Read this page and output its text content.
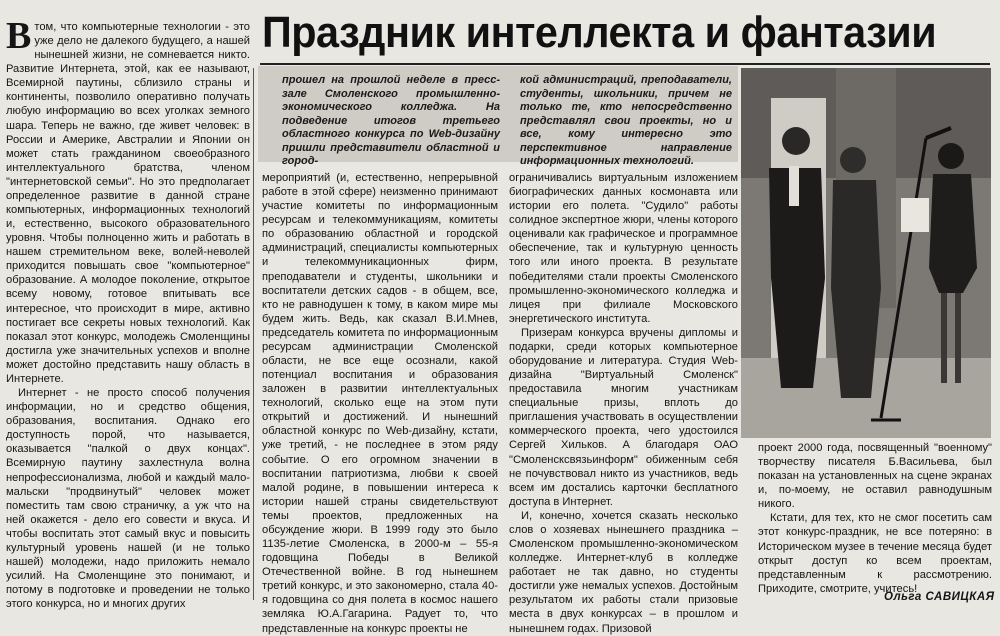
Праздник интеллекта и фантазии
прошел на прошлой неделе в пресс-зале Смоленского промышленно-экономического колледжа. На подведение итогов третьего областного конкурса по Web-дизайну пришли представители областной и город-
кой администраций, преподаватели, студенты, школьники, причем не только те, кто непосредственно представлял свои проекты, но и все, кому интересно это перспективное направление информационных технологий.
В том, что компьютерные технологии - это уже дело не далекого будущего, а нашей нынешней жизни, не сомневается никто. Развитие Интернета, этой, как ее называют, Всемирной паутины, сблизило страны и континенты, позволило оперативно получать любую информацию во всех уголках земного шара. Теперь не важно, где живет человек: в России и Америке, Австралии и Японии он может стать гражданином своеобразного интеллектуального братства, членом "интернетовской семьи". Но это предполагает определенное развитие в данной стране компьютерных, информационных технологий и, естественно, высокого образовательного уровня. Чтобы полноценно жить и работать в нашем стремительном веке, волей-неволей приходится повышать свое "компьютерное" образование. А молодое поколение, открытое всему новому, готовое впитывать все интересное, что происходит в мире, активно постигает все секреты новых технологий. Как показал этот конкурс, молодежь Смоленщины достигла уже значительных успехов и вполне может достойно представить нашу область в Интернете.

Интернет - не просто способ получения информации, но и средство общения, образования, воспитания. Однако его доступность порой, что называется, оказывается "палкой о двух концах". Всемирную паутину захлестнула волна непрофессионализма, любой и каждый мало-мальски "продвинутый" человек может поместить там свою страничку, а уж что на ней окажется - дело его совести и вкуса. И чтобы воспитать этот самый вкус и повысить культурный уровень нашей (и не только нашей) молодежи, надо приложить немало усилий. На Смоленщине это понимают, и потому в подготовке и проведении не только этого конкурса, но и многих других

мероприятий (и, естественно, непрерывной работе в этой сфере) неизменно принимают участие комитеты по информационным ресурсам и телекоммуникациям, комитеты по образованию областной и городской администраций, специалисты компьютерных и телекоммуникационных фирм, преподаватели и студенты, школьники и воспитатели детских садов - в общем, все, кто не равнодушен к тому, в каком мире мы будем жить. Ведь, как сказал В.И.Мнев, председатель комитета по информационным ресурсам администрации Смоленской области, не все еще осознали, какой потенциал воспитания и образования заложен в развитии интеллектуальных технологий, сколько еще на этом пути открытий и достижений. И нынешний областной конкурс по Web-дизайну, кстати, уже третий, - не последнее в этом ряду событие. О его огромном значении в воспитании патриотизма, любви к своей малой родине, в повышении интереса к истории нашей страны свидетельствуют темы проектов, предложенных на обсуждение жюри. В 1999 году это было 1135-летие Смоленска, в 2000-м – 55-я годовщина Победы в Великой Отечественной войне. В год нынешнем третий конкурс, и это закономерно, стала 40-я годовщина со дня полета в космос нашего земляка Ю.А.Гагарина. Радует то, что представленные на конкурс проекты не

ограничивались виртуальным изложением биографических данных космонавта или истории его полета. "Судило" работы солидное экспертное жюри, члены которого оценивали как графическое и программное обеспечение, так и культурную ценность того или иного проекта. В результате победителями стали проекты Смоленского промышленно-экономического колледжа и лицея при филиале Московского энергетического института.

Призерам конкурса вручены дипломы и подарки, среди которых компьютерное оборудование и литература. Студия Web-дизайна "Виртуальный Смоленск" предоставила многим участникам специальные призы, вплоть до приглашения участвовать в осуществлении коммерческого проекта, чего удостоился Сергей Хильков. А благодаря ОАО "Смоленсксвязьинформ" обиженным себя не почувствовал никто из участников, ведь всем им достались карточки бесплатного доступа в Интернет.

И, конечно, хочется сказать несколько слов о хозяевах нынешнего праздника – Смоленском промышленно-экономическом колледже. Интернет-клуб в колледже работает не так давно, но студенты достигли уже немалых успехов. Достойным результатом их работы стали призовые места в двух конкурсах – в прошлом и нынешнем годах. Призовой

проект 2000 года, посвященный "военному" творчеству писателя Б.Васильева, был показан на установленных на сцене экранах и, по-моему, не оставил равнодушным никого.

Кстати, для тех, кто не смог посетить сам этот конкурс-праздник, не все потеряно: в Историческом музее в течение месяца будет открыт доступ ко всем проектам, представленным к рассмотрению. Приходите, смотрите, учитесь!

Ольга САВИЦКАЯ
